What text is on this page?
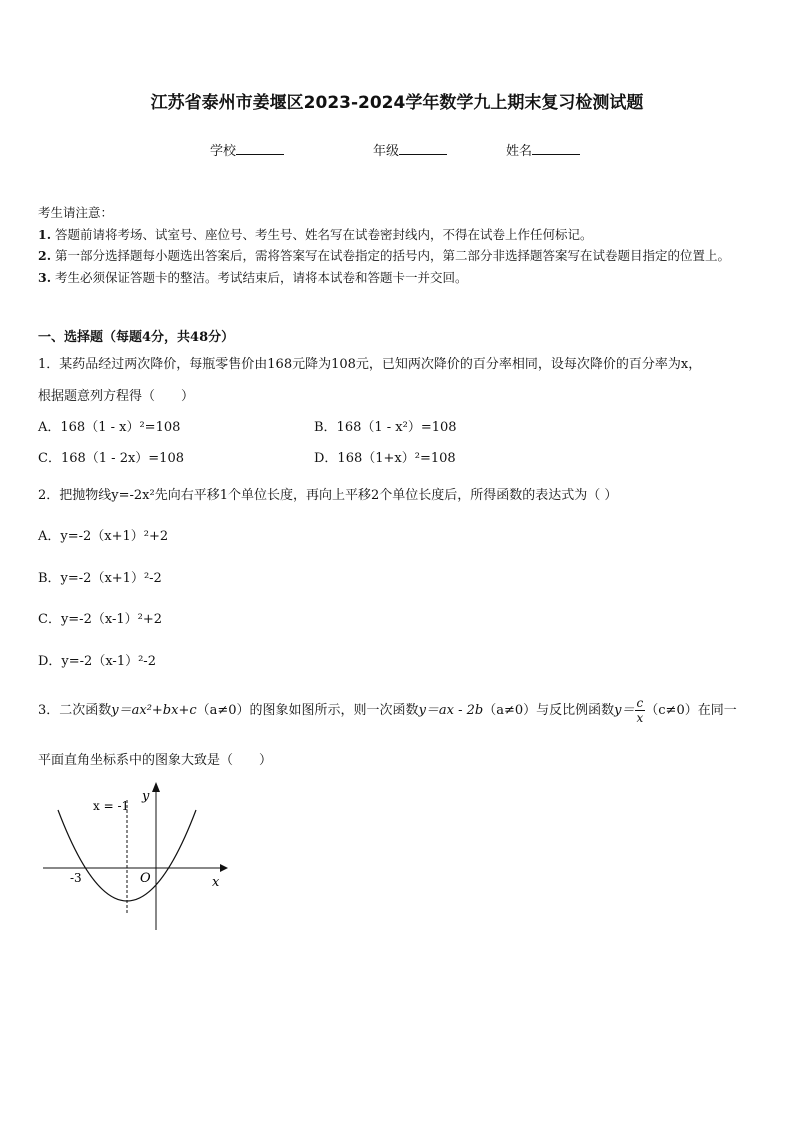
江苏省泰州市姜堰区2023-2024学年数学九上期末复习检测试题
学校	年级	姓名
考生请注意：
1. 答题前请将考场、试室号、座位号、考生号、姓名写在试卷密封线内，不得在试卷上作任何标记。
2. 第一部分选择题每小题选出答案后，需将答案写在试卷指定的括号内，第二部分非选择题答案写在试卷题目指定的位置上。
3. 考生必须保证答题卡的整洁。考试结束后，请将本试卷和答题卡一并交回。
一、选择题（每题4分，共48分）
1．某药品经过两次降价，每瓶零售价由168元降为108元，已知两次降价的百分率相同，设每次降价的百分率为x，
根据题意列方程得（　　）
A．168（1 - x）²=108	B．168（1 - x²）=108
C．168（1 - 2x）=108	D．168（1+x）²=108
2．把抛物线y=-2x²先向右平移1个单位长度，再向上平移2个单位长度后，所得函数的表达式为（ ）
A．y=-2（x+1）²+2
B．y=-2（x+1）²-2
C．y=-2（x-1）²+2
D．y=-2（x-1）²-2
3．二次函数y＝ax²+bx+c（a≠0）的图象如图所示，则一次函数y＝ax - 2b（a≠0）与反比例函数$y= \frac{c}{x} (c\ne 0)$在同一
平面直角坐标系中的图象大致是（　　）
x = -1
y
x
O
-3
